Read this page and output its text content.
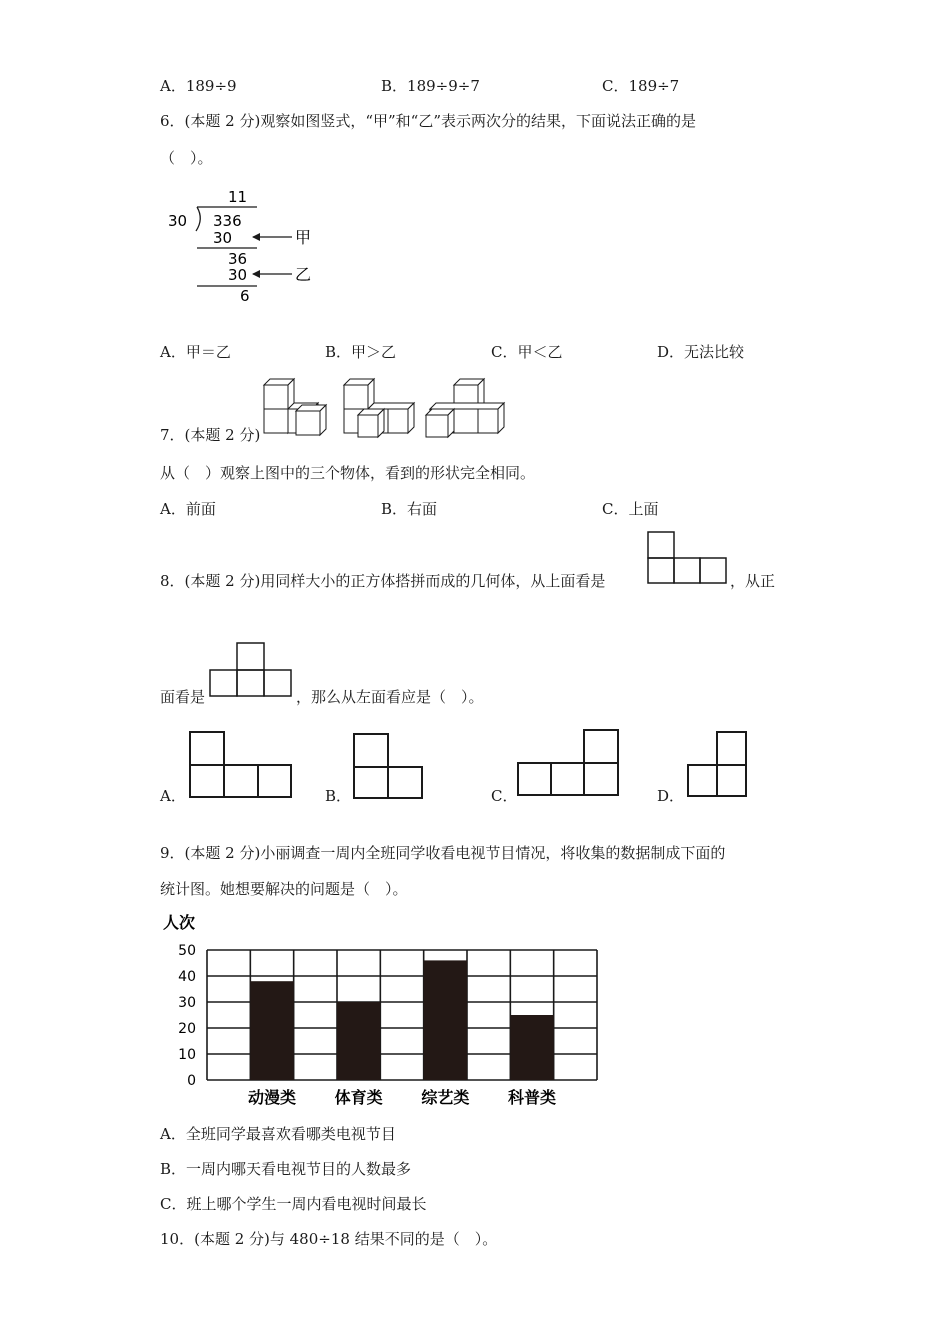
A．189÷9	B．189÷9÷7	C．189÷7
6．(本题 2 分)观察如图竖式，“甲”和“乙”表示两次分的结果，下面说法正确的是
（　）。
11
30 336
30	甲
36
30	乙
6
A．甲＝乙	B．甲＞乙	C．甲＜乙	D．无法比较
7．(本题 2 分)
从（　）观察上图中的三个物体，看到的形状完全相同。
A．前面	B．右面	C．上面
8．(本题 2 分)用同样大小的正方体搭拼而成的几何体，从上面看是	，从正
面看是	，那么从左面看应是（　）。
A．	B．	C．	D．
9．(本题 2 分)小丽调查一周内全班同学收看电视节目情况，将收集的数据制成下面的
统计图。她想要解决的问题是（　）。
人次
0
10
20
30
40
50
动漫类 体育类 综艺类 科普类
A．全班同学最喜欢看哪类电视节目
B．一周内哪天看电视节目的人数最多
C．班上哪个学生一周内看电视时间最长
10．(本题 2 分)与 480÷18 结果不同的是（　）。
